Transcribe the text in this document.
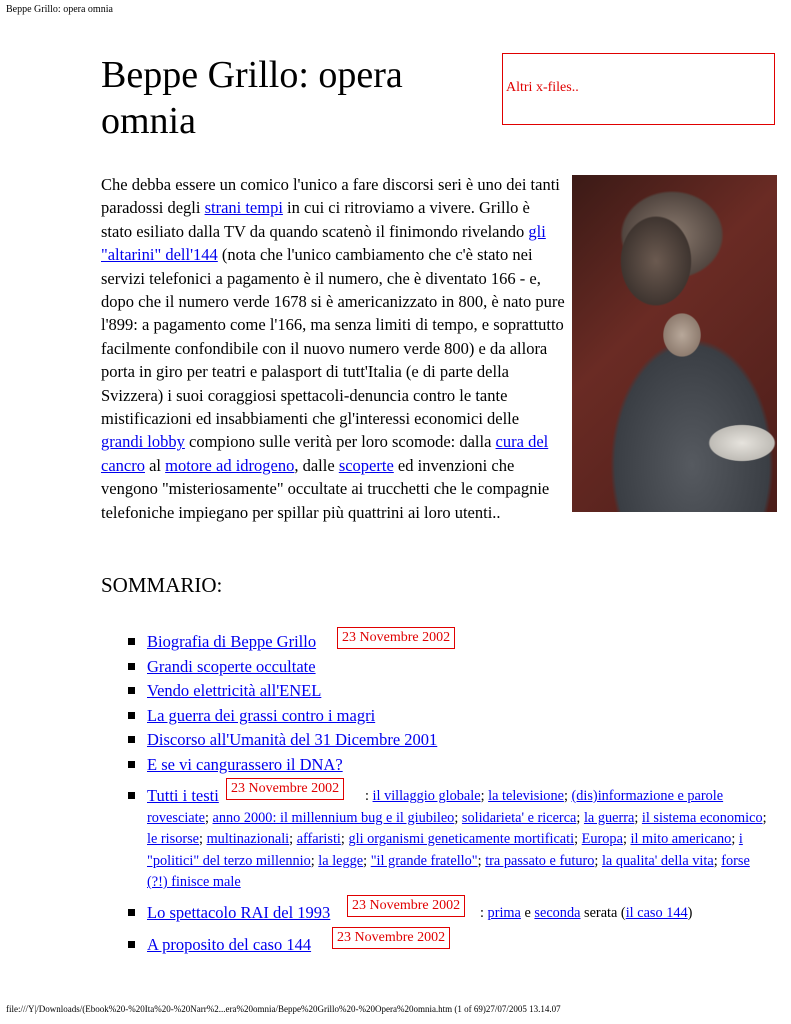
Beppe Grillo: opera omnia
Beppe Grillo: opera
omnia
Altri x-files..

Che debba essere un comico l'unico a fare discorsi seri è uno dei tanti paradossi degli strani tempi in cui ci ritroviamo a vivere. Grillo è stato esiliato dalla TV da quando scatenò il finimondo rivelando gli "altarini" dell'144 (nota che l'unico cambiamento che c'è stato nei servizi telefonici a pagamento è il numero, che è diventato 166 - e, dopo che il numero verde 1678 si è americanizzato in 800, è nato pure l'899: a pagamento come l'166, ma senza limiti di tempo, e soprattutto facilmente confondibile con il nuovo numero verde 800) e da allora porta in giro per teatri e palasport di tutt'Italia (e di parte della Svizzera) i suoi coraggiosi spettacoli-denuncia contro le tante mistificazioni ed insabbiamenti che gl'interessi economici delle grandi lobby compiono sulle verità per loro scomode: dalla cura del cancro al motore ad idrogeno, dalle scoperte ed invenzioni che vengono "misteriosamente" occultate ai trucchetti che le compagnie telefoniche impiegano per spillar più quattrini ai loro utenti..

SOMMARIO:
Biografia di Beppe Grillo
Grandi scoperte occultate
Vendo elettricità all'ENEL
La guerra dei grassi contro i magri
Discorso all'Umanità del 31 Dicembre 2001
E se vi cangurassero il DNA?
Tutti i testi
Lo spettacolo RAI del 1993
A proposito del caso 144
23 Novembre 2002
23 Novembre 2002
23 Novembre 2002
23 Novembre 2002
: il villaggio globale; la televisione; (dis)informazione e parole rovesciate; anno 2000: il millennium bug e il giubileo; solidarieta' e ricerca; la guerra; il sistema economico; le risorse; multinazionali; affaristi; gli organismi geneticamente mortificati; Europa; il mito americano; i "politici" del terzo millennio; la legge; "il grande fratello"; tra passato e futuro; la qualita' della vita; forse (?!) finisce male
: prima e seconda serata (il caso 144)
file:///Y|/Downloads/(Ebook%20-%20Ita%20-%20Narr%2...era%20omnia/Beppe%20Grillo%20-%20Opera%20omnia.htm (1 of 69)27/07/2005 13.14.07
